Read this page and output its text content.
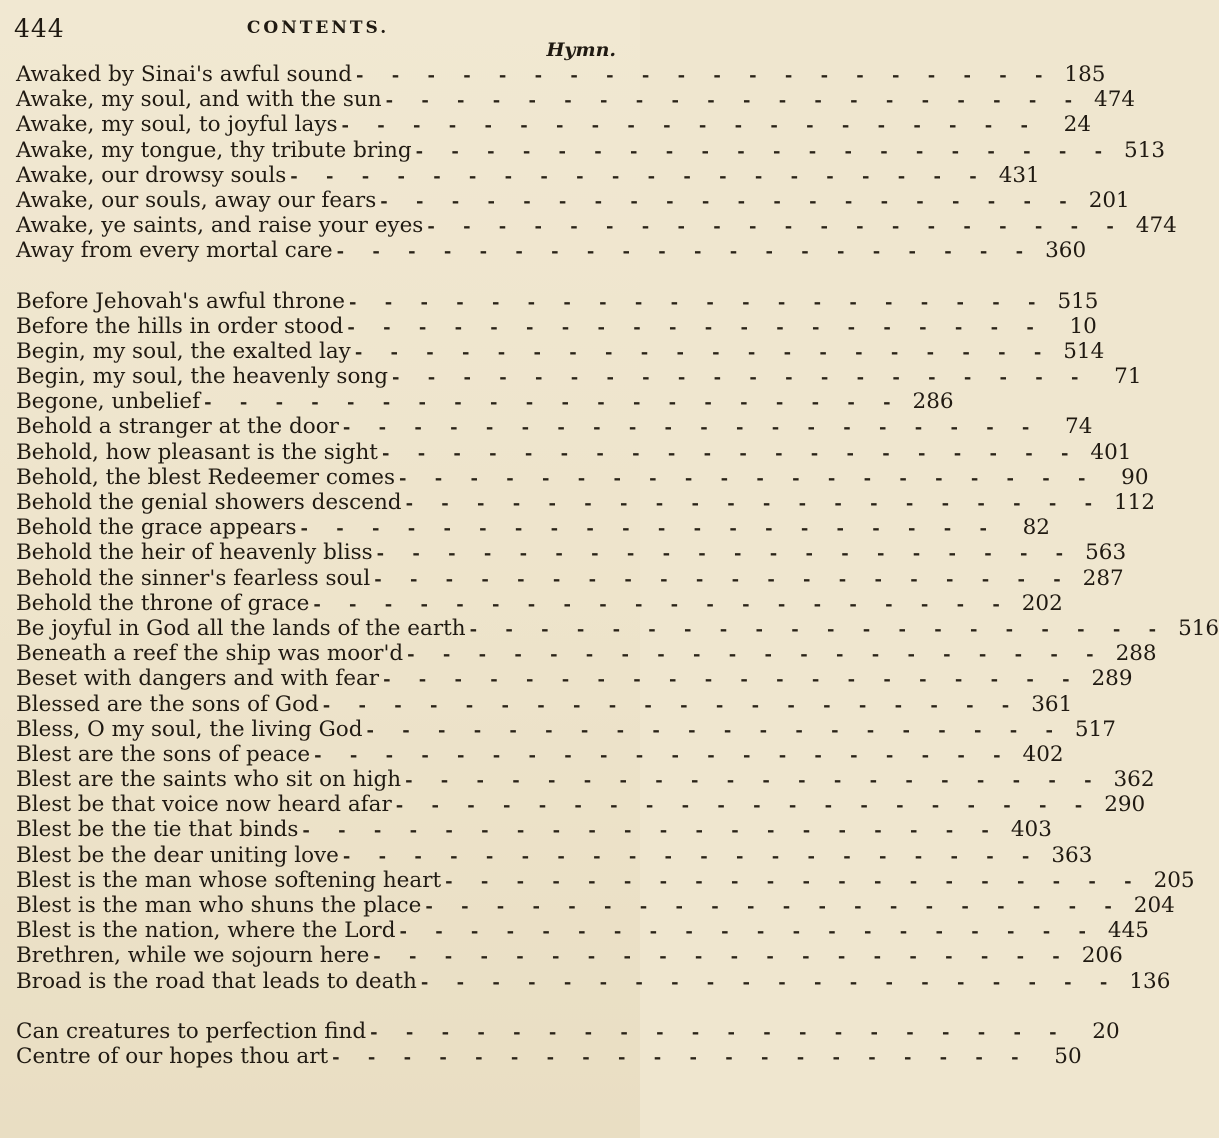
444	CONTENTS.
Hymn.
Awaked by Sinai's awful sound - - - - - - - - - - - - - - - - - - - - 185
Awake, my soul, and with the sun - - - - - - - - - - - - - - - - - - - - 474
Awake, my soul, to joyful lays - - - - - - - - - - - - - - - - - - - -	24
Awake, my tongue, thy tribute bring - - - - - - - - - - - - - - - - - - - - 513
Awake, our drowsy souls - - - - - - - - - - - - - - - - - - - - 431
Awake, our souls, away our fears - - - - - - - - - - - - - - - - - - - - 201
Awake, ye saints, and raise your eyes - - - - - - - - - - - - - - - - - - - - 474
Away from every mortal care - - - - - - - - - - - - - - - - - - - - 360
Before Jehovah's awful throne - - - - - - - - - - - - - - - - - - - - 515
Before the hills in order stood - - - - - - - - - - - - - - - - - - - -	10
Begin, my soul, the exalted lay - - - - - - - - - - - - - - - - - - - - 514
Begin, my soul, the heavenly song - - - - - - - - - - - - - - - - - - - -	71
Begone, unbelief - - - - - - - - - - - - - - - - - - - - 286
Behold a stranger at the door - - - - - - - - - - - - - - - - - - - -	74
Behold, how pleasant is the sight - - - - - - - - - - - - - - - - - - - - 401
Behold, the blest Redeemer comes - - - - - - - - - - - - - - - - - - - -	90
Behold the genial showers descend - - - - - - - - - - - - - - - - - - - - 112
Behold the grace appears - - - - - - - - - - - - - - - - - - - -	82
Behold the heir of heavenly bliss - - - - - - - - - - - - - - - - - - - - 563
Behold the sinner's fearless soul - - - - - - - - - - - - - - - - - - - - 287
Behold the throne of grace - - - - - - - - - - - - - - - - - - - - 202
Be joyful in God all the lands of the earth - - - - - - - - - - - - - - - - - - - - 516
Beneath a reef the ship was moor'd - - - - - - - - - - - - - - - - - - - - 288
Beset with dangers and with fear - - - - - - - - - - - - - - - - - - - - 289
Blessed are the sons of God - - - - - - - - - - - - - - - - - - - - 361
Bless, O my soul, the living God - - - - - - - - - - - - - - - - - - - - 517
Blest are the sons of peace - - - - - - - - - - - - - - - - - - - - 402
Blest are the saints who sit on high - - - - - - - - - - - - - - - - - - - - 362
Blest be that voice now heard afar - - - - - - - - - - - - - - - - - - - - 290
Blest be the tie that binds - - - - - - - - - - - - - - - - - - - - 403
Blest be the dear uniting love - - - - - - - - - - - - - - - - - - - - 363
Blest is the man whose softening heart - - - - - - - - - - - - - - - - - - - - 205
Blest is the man who shuns the place - - - - - - - - - - - - - - - - - - - - 204
Blest is the nation, where the Lord - - - - - - - - - - - - - - - - - - - - 445
Brethren, while we sojourn here - - - - - - - - - - - - - - - - - - - - 206
Broad is the road that leads to death - - - - - - - - - - - - - - - - - - - - 136
Can creatures to perfection find - - - - - - - - - - - - - - - - - - - -	20
Centre of our hopes thou art - - - - - - - - - - - - - - - - - - - -	50
